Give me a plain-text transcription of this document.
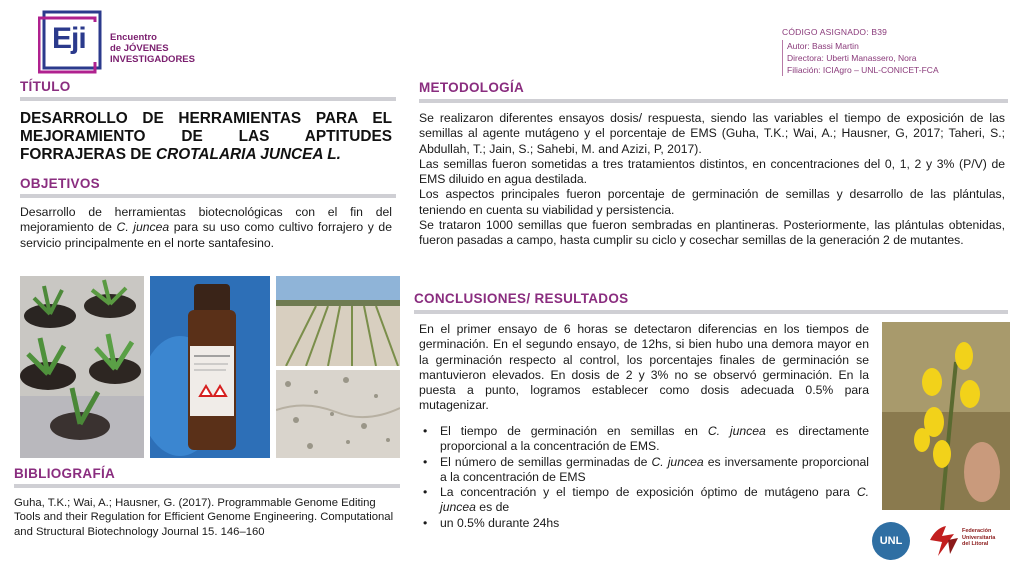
Eji	Encuentro
de JÓVENES
INVESTIGADORES
CÓDIGO ASIGNADO: B39
Autor: Bassi Martin
Directora: Uberti Manassero, Nora
Filiación: ICIAgro – UNL-CONICET-FCA
TÍTULO
DESARROLLO DE HERRAMIENTAS PARA EL MEJORAMIENTO DE LAS APTITUDES FORRAJERAS DE CROTALARIA JUNCEA L.
OBJETIVOS
Desarrollo de herramientas biotecnológicas con el fin del mejoramiento de C. juncea para su uso como cultivo forrajero y de servicio principalmente en el norte santafesino.
BIBLIOGRAFÍA
Guha, T.K.; Wai, A.; Hausner, G. (2017). Programmable Genome Editing Tools and their Regulation for Efficient Genome Engineering. Computational and Structural Biotechnology Journal 15. 146–160
METODOLOGÍA
Se realizaron diferentes ensayos dosis/ respuesta, siendo las variables el tiempo de exposición de las semillas al agente mutágeno y el porcentaje de EMS (Guha, T.K.; Wai, A.; Hausner, G, 2017; Taheri, S.; Abdullah, T.; Jain, S.; Sahebi, M. and Azizi, P, 2017).
Las semillas fueron sometidas a tres tratamientos distintos, en concentraciones del 0, 1, 2 y 3% (P/V) de EMS diluido en agua destilada.
Los aspectos principales fueron porcentaje de germinación de semillas y desarrollo de las plántulas, teniendo en cuenta su viabilidad y persistencia.
Se trataron 1000 semillas que fueron sembradas en plantineras. Posteriormente, las plántulas obtenidas, fueron pasadas a campo, hasta cumplir su ciclo y cosechar semillas de la generación 2 de mutantes.
CONCLUSIONES/ RESULTADOS
En el primer ensayo de 6 horas se detectaron diferencias en los tiempos de germinación. En el segundo ensayo, de 12hs, si bien hubo una demora mayor en la germinación respecto al control, los porcentajes finales de germinación se mantuvieron elevados. En dosis de 2 y 3% no se observó germinación. En la puesta a punto, logramos establecer como dosis adecuada 0.5% para mutagenizar.
• El tiempo de germinación en semillas en C. juncea es directamente proporcional a la concentración de EMS.
• El número de semillas germinadas de C. juncea es inversamente proporcional a la concentración de EMS
• La concentración y el tiempo de exposición óptimo de mutágeno para C. juncea es de
• un 0.5% durante 24hs
UNL
Federación
Universitaria
del Litoral
